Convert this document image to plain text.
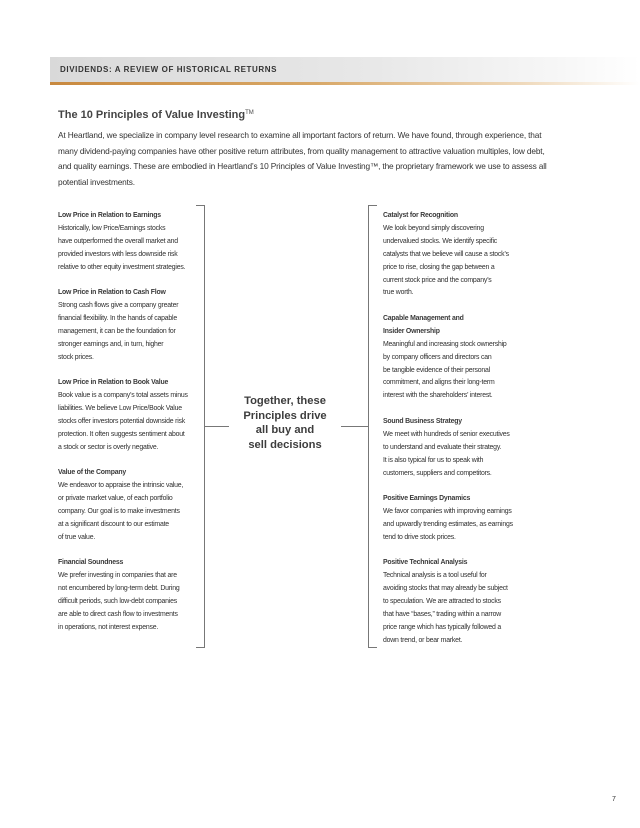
DIVIDENDS: A REVIEW OF HISTORICAL RETURNS
The 10 Principles of Value Investing™
At Heartland, we specialize in company level research to examine all important factors of return. We have found, through experience, that many dividend-paying companies have other positive return attributes, from quality management to attractive valuation multiples, low debt, and quality earnings. These are embodied in Heartland’s 10 Principles of Value Investing™, the proprietary framework we use to assess all potential investments.
Low Price in Relation to Earnings
Historically, low Price/Earnings stocks
have outperformed the overall market and
provided investors with less downside risk
relative to other equity investment strategies.
Low Price in Relation to Cash Flow
Strong cash flows give a company greater
financial flexibility. In the hands of capable
management, it can be the foundation for
stronger earnings and, in turn, higher
stock prices.
Low Price in Relation to Book Value
Book value is a company’s total assets minus
liabilities. We believe Low Price/Book Value
stocks offer investors potential downside risk
protection. It often suggests sentiment about
a stock or sector is overly negative.
Value of the Company
We endeavor to appraise the intrinsic value,
or private market value, of each portfolio
company. Our goal is to make investments
at a significant discount to our estimate
of true value.
Financial Soundness
We prefer investing in companies that are
not encumbered by long-term debt. During
difficult periods, such low-debt companies
are able to direct cash flow to investments
in operations, not interest expense.
Together, these
Principles drive
all buy and
sell decisions
Catalyst for Recognition
We look beyond simply discovering
undervalued stocks. We identify specific
catalysts that we believe will cause a stock’s
price to rise, closing the gap between a
current stock price and the company’s
true worth.
Capable Management and
Insider Ownership
Meaningful and increasing stock ownership
by company officers and directors can
be tangible evidence of their personal
commitment, and aligns their long-term
interest with the shareholders’ interest.
Sound Business Strategy
We meet with hundreds of senior executives
to understand and evaluate their strategy.
It is also typical for us to speak with
customers, suppliers and competitors.
Positive Earnings Dynamics
We favor companies with improving earnings
and upwardly trending estimates, as earnings
tend to drive stock prices.
Positive Technical Analysis
Technical analysis is a tool useful for
avoiding stocks that may already be subject
to speculation. We are attracted to stocks
that have “bases,” trading within a narrow
price range which has typically followed a
down trend, or bear market.
7
